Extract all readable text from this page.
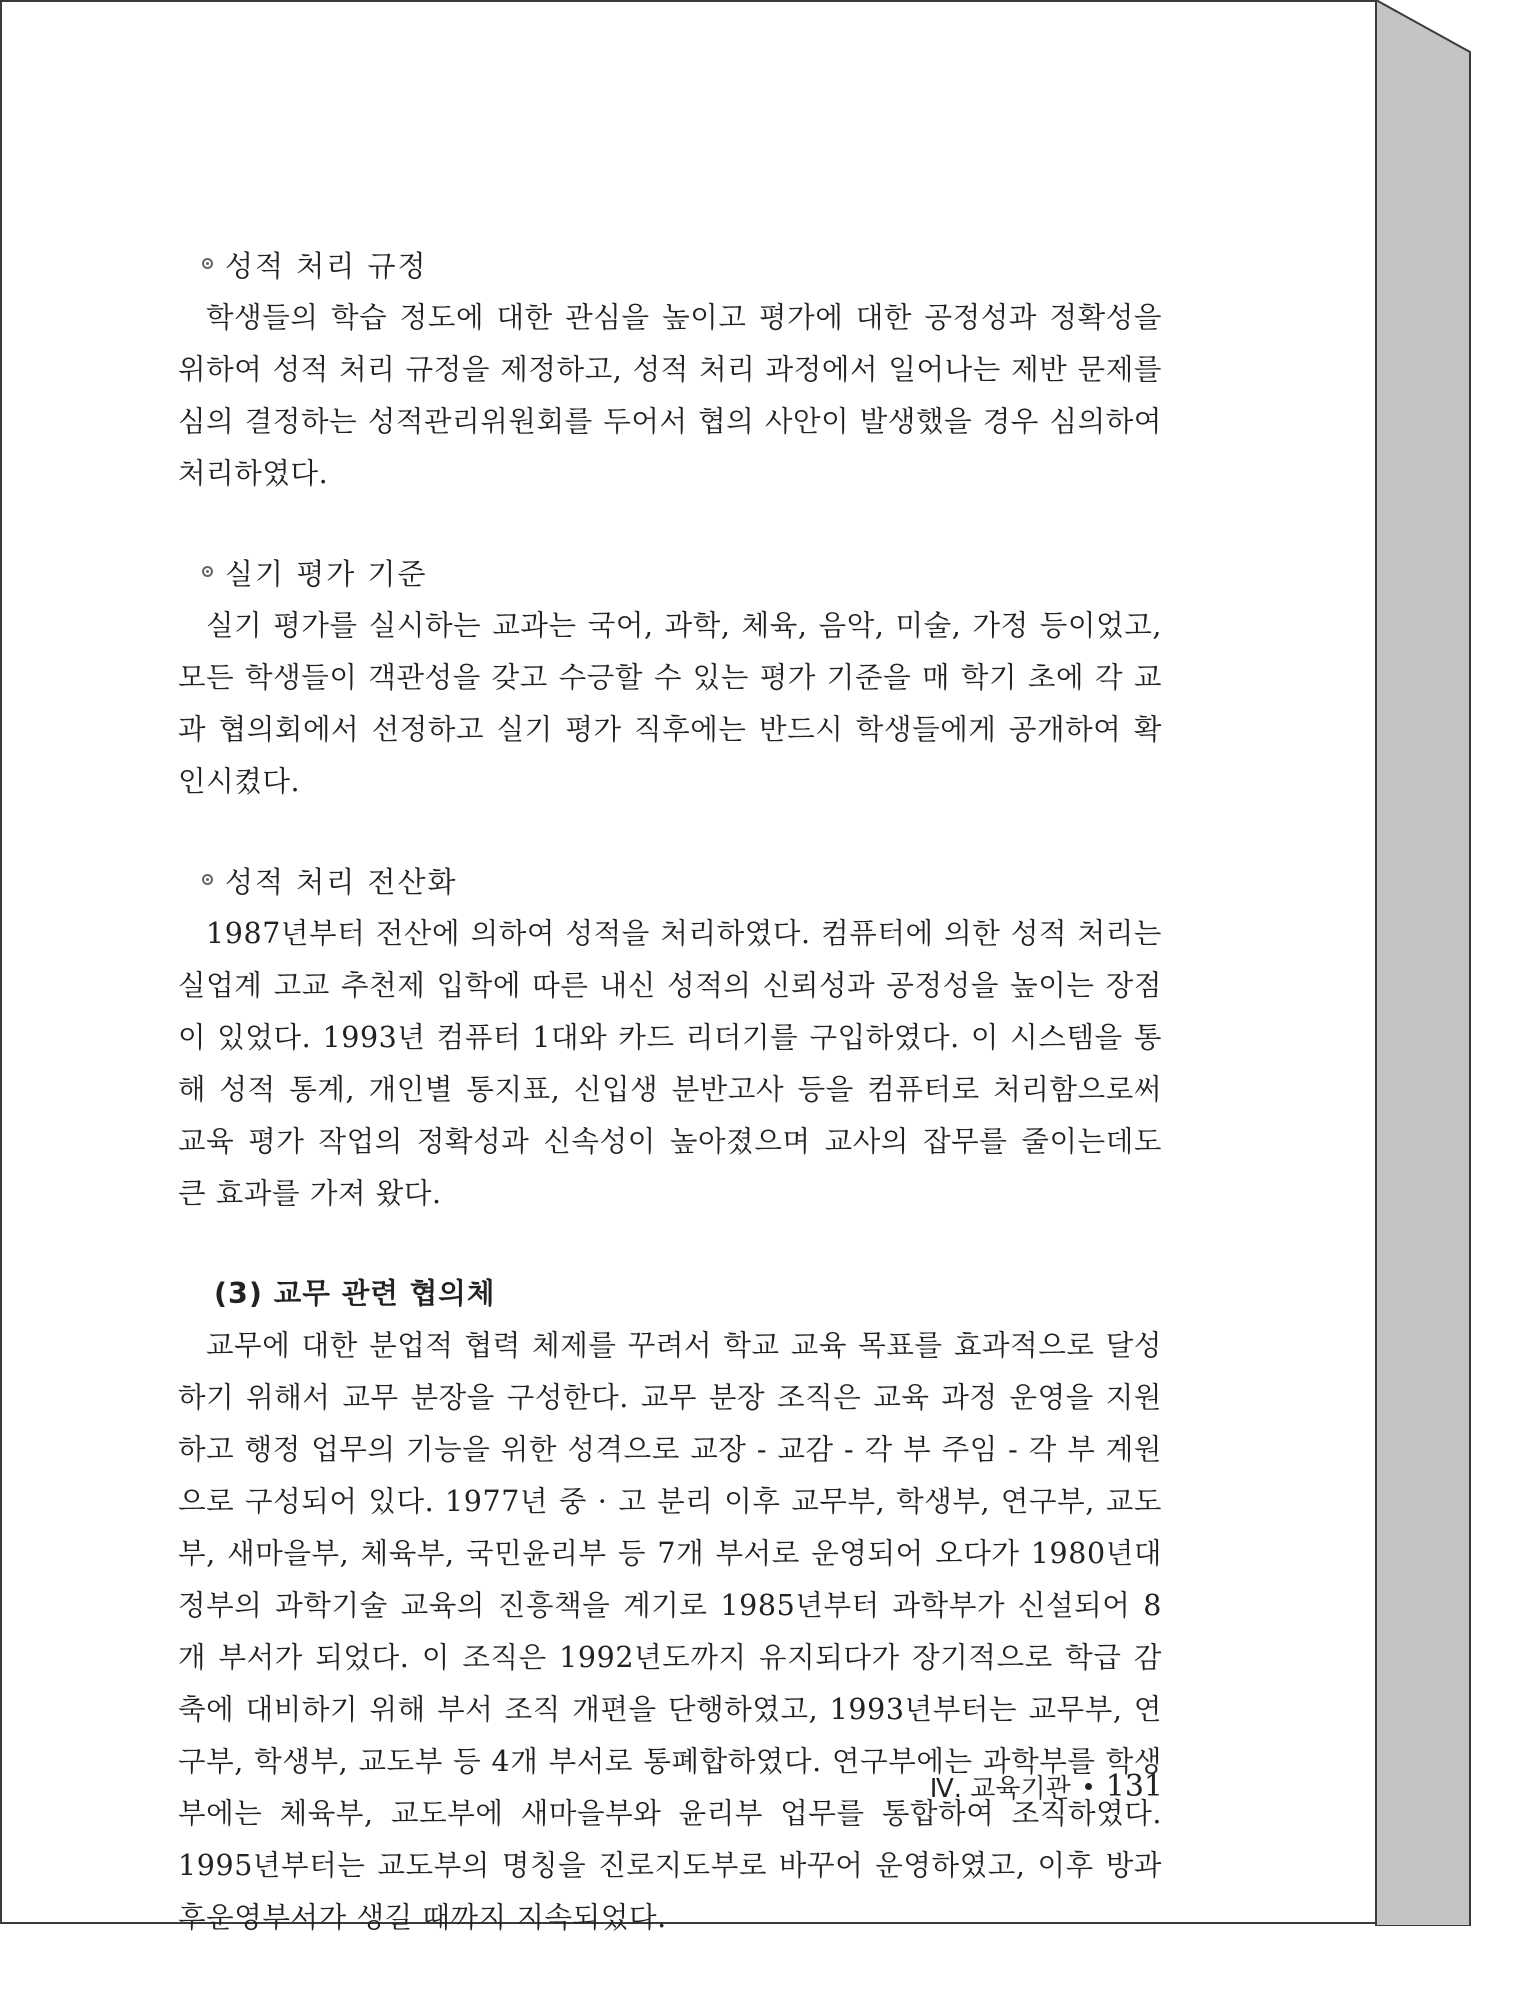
성적 처리 규정

학생들의 학습 정도에 대한 관심을 높이고 평가에 대한 공정성과 정확성을 위하여 성적 처리 규정을 제정하고, 성적 처리 과정에서 일어나는 제반 문제를 심의 결정하는 성적관리위원회를 두어서 협의 사안이 발생했을 경우 심의하여 처리하였다.

실기 평가 기준

실기 평가를 실시하는 교과는 국어, 과학, 체육, 음악, 미술, 가정 등이었고, 모든 학생들이 객관성을 갖고 수긍할 수 있는 평가 기준을 매 학기 초에 각 교과 협의회에서 선정하고 실기 평가 직후에는 반드시 학생들에게 공개하여 확인시켰다.

성적 처리 전산화

1987년부터 전산에 의하여 성적을 처리하였다. 컴퓨터에 의한 성적 처리는 실업계 고교 추천제 입학에 따른 내신 성적의 신뢰성과 공정성을 높이는 장점이 있었다. 1993년 컴퓨터 1대와 카드 리더기를 구입하였다. 이 시스템을 통해 성적 통계, 개인별 통지표, 신입생 분반고사 등을 컴퓨터로 처리함으로써 교육 평가 작업의 정확성과 신속성이 높아졌으며 교사의 잡무를 줄이는데도 큰 효과를 가져 왔다.

(3) 교무 관련 협의체

교무에 대한 분업적 협력 체제를 꾸려서 학교 교육 목표를 효과적으로 달성하기 위해서 교무 분장을 구성한다. 교무 분장 조직은 교육 과정 운영을 지원하고 행정 업무의 기능을 위한 성격으로 교장 - 교감 - 각 부 주임 - 각 부 계원으로 구성되어 있다. 1977년 중 · 고 분리 이후 교무부, 학생부, 연구부, 교도부, 새마을부, 체육부, 국민윤리부 등 7개 부서로 운영되어 오다가 1980년대 정부의 과학기술 교육의 진흥책을 계기로 1985년부터 과학부가 신설되어 8개 부서가 되었다. 이 조직은 1992년도까지 유지되다가 장기적으로 학급 감축에 대비하기 위해 부서 조직 개편을 단행하였고, 1993년부터는 교무부, 연구부, 학생부, 교도부 등 4개 부서로 통폐합하였다. 연구부에는 과학부를 학생부에는 체육부, 교도부에 새마을부와 윤리부 업무를 통합하여 조직하였다. 1995년부터는 교도부의 명칭을 진로지도부로 바꾸어 운영하였고, 이후 방과후운영부서가 생길 때까지 지속되었다.

Ⅳ. 교육기관 131
